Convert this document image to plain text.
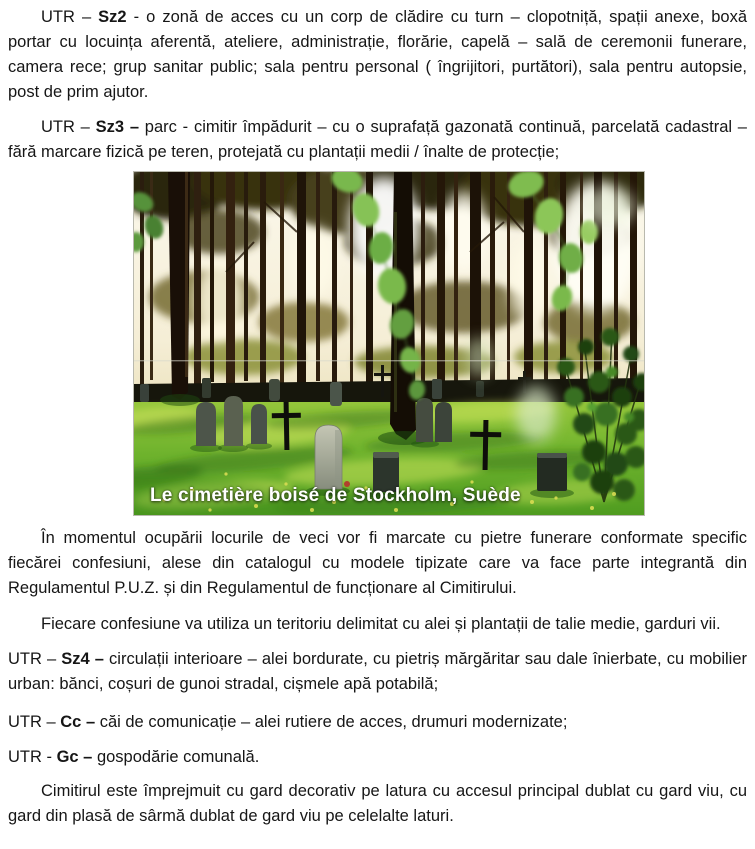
UTR – Sz2 - o zonă de acces cu un corp de clădire cu turn – clopotniță, spații anexe, boxă portar cu locuința aferentă, ateliere, administrație, florărie, capelă – sală de ceremonii funerare, camera rece; grup sanitar public; sala pentru personal ( îngrijitori, purtători), sala pentru autopsie, post de prim ajutor.

UTR – Sz3 – parc - cimitir împădurit – cu o suprafață gazonată continuă, parcelată cadastral – fără marcare fizică pe teren, protejată cu plantații medii / înalte de protecție;

Le cimetière boisé de Stockholm, Suède

În momentul ocupării locurile de veci vor fi marcate cu pietre funerare conformate specific fiecărei confesiuni, alese din catalogul cu modele tipizate care va face parte integrantă din Regulamentul P.U.Z. și din Regulamentul de funcționare al Cimitirului.

Fiecare confesiune va utiliza un teritoriu delimitat cu alei și plantații de talie medie, garduri vii.

UTR – Sz4 – circulații interioare – alei bordurate, cu pietriș mărgăritar sau dale înierbate, cu mobilier urban: bănci, coșuri de gunoi stradal, cișmele apă potabilă;

UTR – Cc – căi de comunicație – alei rutiere de acces, drumuri modernizate;

UTR - Gc – gospodărie comunală.

Cimitirul este împrejmuit cu gard decorativ pe latura cu accesul principal dublat cu gard viu, cu gard din plasă de sârmă dublat de gard viu pe celelalte laturi.
